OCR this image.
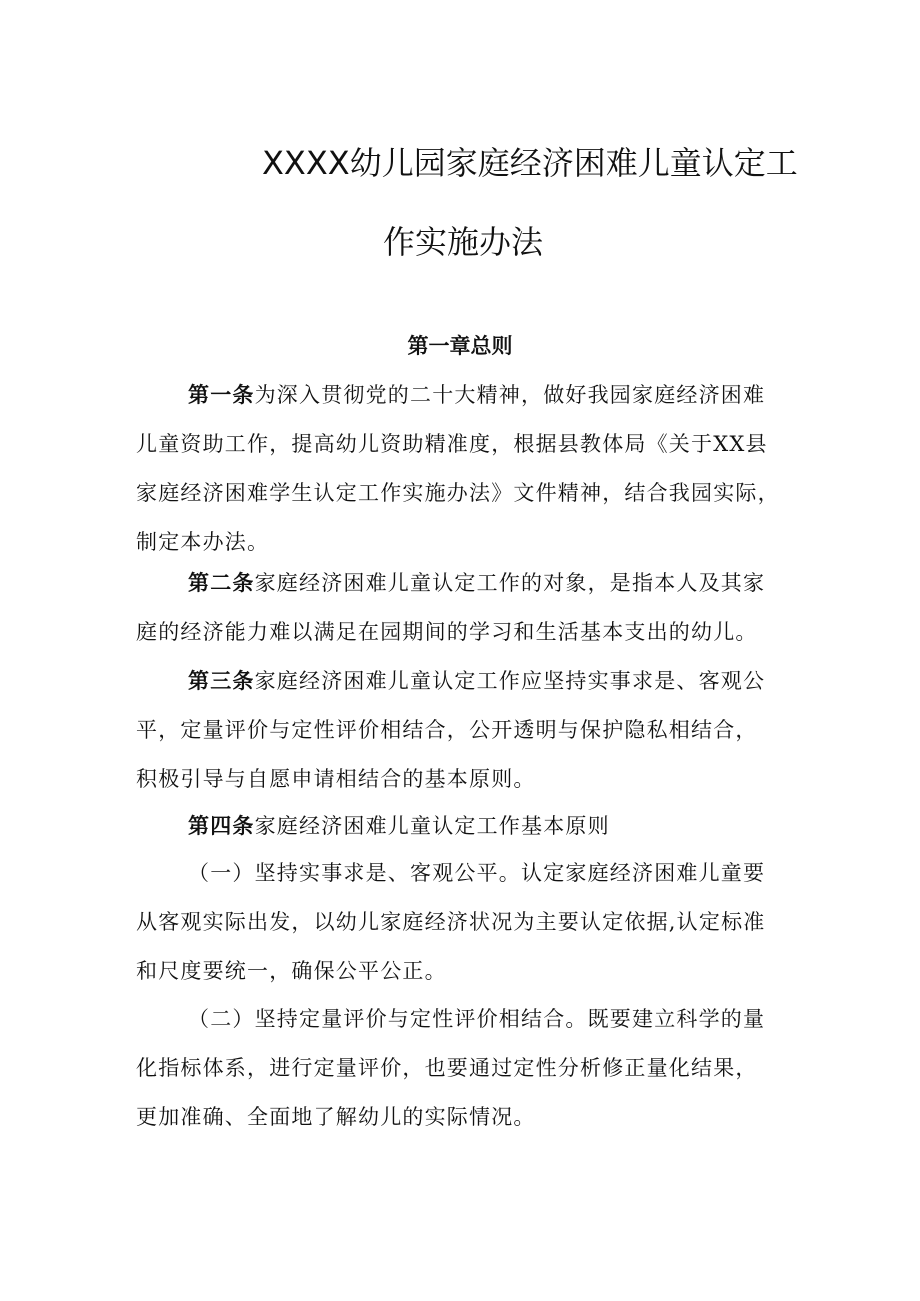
XXXX幼儿园家庭经济困难儿童认定工
作实施办法
第一章总则
第一条为深入贯彻党的二十大精神，做好我园家庭经济困难
儿童资助工作，提高幼儿资助精准度，根据县教体局《关于XX县
家庭经济困难学生认定工作实施办法》文件精神，结合我园实际，
制定本办法。
第二条家庭经济困难儿童认定工作的对象，是指本人及其家
庭的经济能力难以满足在园期间的学习和生活基本支出的幼儿。
第三条家庭经济困难儿童认定工作应坚持实事求是、客观公
平，定量评价与定性评价相结合，公开透明与保护隐私相结合，
积极引导与自愿申请相结合的基本原则。
第四条家庭经济困难儿童认定工作基本原则
（一）坚持实事求是、客观公平。认定家庭经济困难儿童要
从客观实际出发，以幼儿家庭经济状况为主要认定依据,认定标准
和尺度要统一，确保公平公正。
（二）坚持定量评价与定性评价相结合。既要建立科学的量
化指标体系，进行定量评价，也要通过定性分析修正量化结果，
更加准确、全面地了解幼儿的实际情况。
